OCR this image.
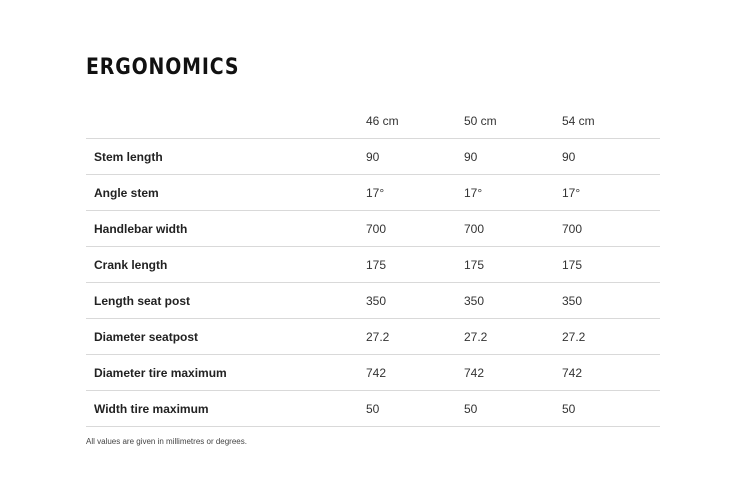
ERGONOMICS
	46 cm	50 cm	54 cm
Stem length	90	90	90
Angle stem	17°	17°	17°
Handlebar width	700	700	700
Crank length	175	175	175
Length seat post	350	350	350
Diameter seatpost	27.2	27.2	27.2
Diameter tire maximum	742	742	742
Width tire maximum	50	50	50
All values are given in millimetres or degrees.
